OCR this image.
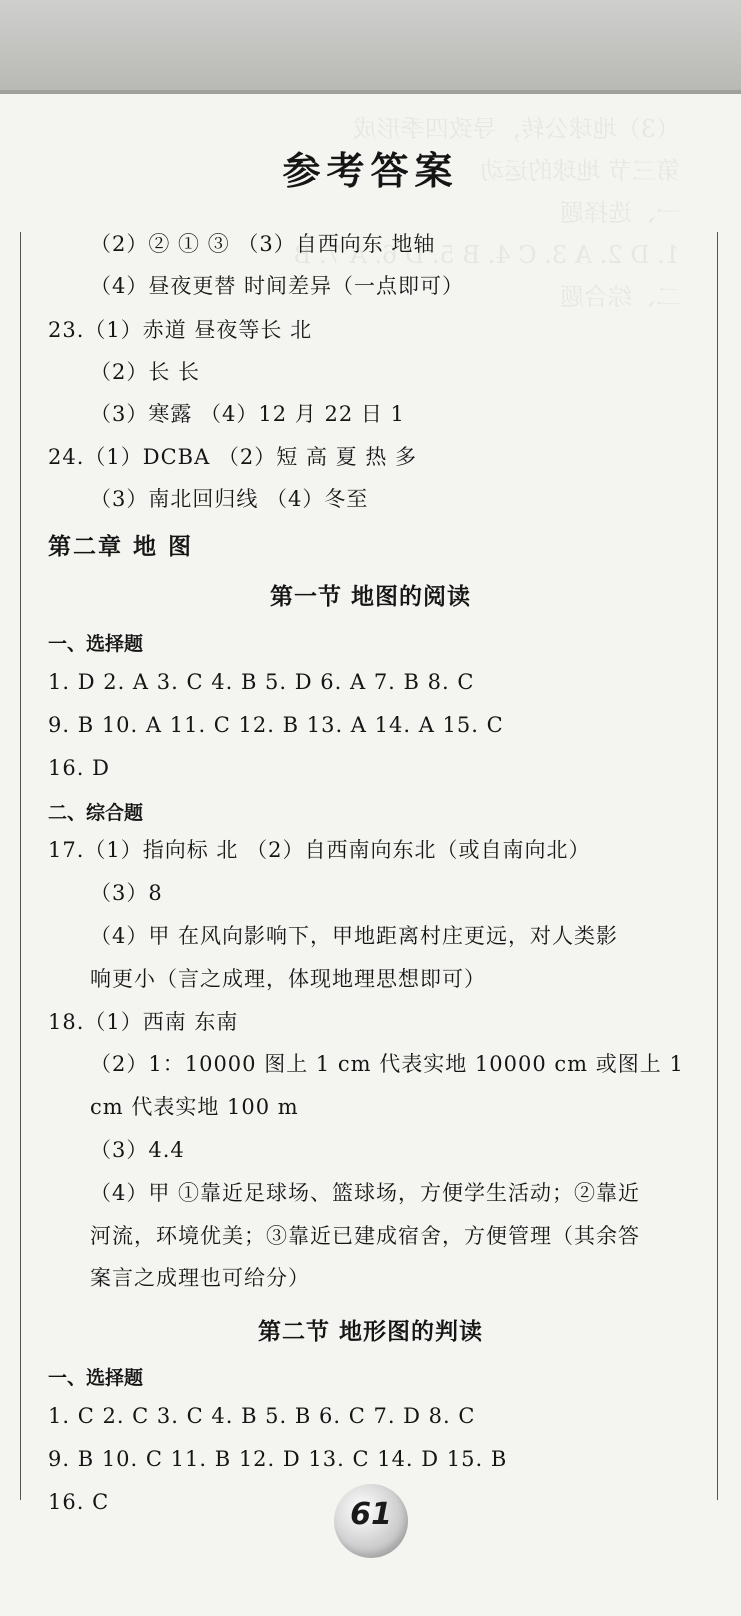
（3）地球公转，导致四季形成
第三节 地球的运动
一、选择题
1. D 2. A 3. C 4. B 5. D 6. A 7. B
二、综合题
参考答案
（2）② ① ③ （3）自西向东 地轴
（4）昼夜更替 时间差异（一点即可）
23.（1）赤道 昼夜等长 北
（2）长 长
（3）寒露 （4）12 月 22 日 1
24.（1）DCBA （2）短 高 夏 热 多
（3）南北回归线 （4）冬至
第二章 地 图
第一节 地图的阅读
一、选择题
1. D 2. A 3. C 4. B 5. D 6. A 7. B 8. C
9. B 10. A 11. C 12. B 13. A 14. A 15. C
16. D
二、综合题
17.（1）指向标 北 （2）自西南向东北（或自南向北）
（3）8
（4）甲 在风向影响下，甲地距离村庄更远，对人类影
响更小（言之成理，体现地理思想即可）
18.（1）西南 东南
（2）1：10000 图上 1 cm 代表实地 10000 cm 或图上 1
cm 代表实地 100 m
（3）4.4
（4）甲 ①靠近足球场、篮球场，方便学生活动；②靠近
河流，环境优美；③靠近已建成宿舍，方便管理（其余答
案言之成理也可给分）
第二节 地形图的判读
一、选择题
1. C 2. C 3. C 4. B 5. B 6. C 7. D 8. C
9. B 10. C 11. B 12. D 13. C 14. D 15. B
16. C	61
